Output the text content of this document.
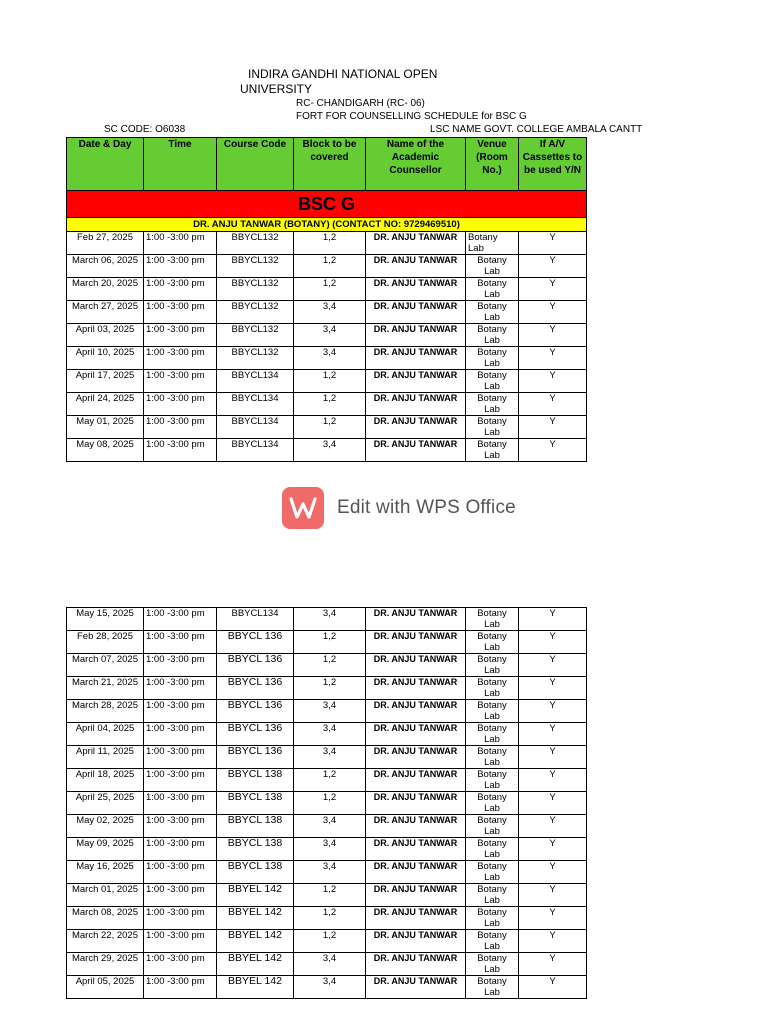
INDIRA GANDHI NATIONAL OPEN
UNIVERSITY
RC- CHANDIGARH (RC- 06)
FORT FOR COUNSELLING SCHEDULE for BSC G
SC CODE: O6038	LSC NAME GOVT. COLLEGE AMBALA CANTT
Date & Day	Time	Course Code	Block to be covered	Name of the Academic Counsellor	Venue (Room No.)	If A/V Cassettes to be used Y/N
BSC G						
DR. ANJU TANWAR (BOTANY) (CONTACT NO: 9729469510)						
Feb 27, 2025	1:00 -3:00 pm	BBYCL132	1,2	DR. ANJU TANWAR	Botany Lab	Y
March 06, 2025	1:00 -3:00 pm	BBYCL132	1,2	DR. ANJU TANWAR	Botany Lab	Y
March 20, 2025	1:00 -3:00 pm	BBYCL132	1,2	DR. ANJU TANWAR	Botany Lab	Y
March 27, 2025	1:00 -3:00 pm	BBYCL132	3,4	DR. ANJU TANWAR	Botany Lab	Y
April 03, 2025	1:00 -3:00 pm	BBYCL132	3,4	DR. ANJU TANWAR	Botany Lab	Y
April 10, 2025	1:00 -3:00 pm	BBYCL132	3,4	DR. ANJU TANWAR	Botany Lab	Y
April 17, 2025	1:00 -3:00 pm	BBYCL134	1,2	DR. ANJU TANWAR	Botany Lab	Y
April 24, 2025	1:00 -3:00 pm	BBYCL134	1,2	DR. ANJU TANWAR	Botany Lab	Y
May 01, 2025	1:00 -3:00 pm	BBYCL134	1,2	DR. ANJU TANWAR	Botany Lab	Y
May 08, 2025	1:00 -3:00 pm	BBYCL134	3,4	DR. ANJU TANWAR	Botany Lab	Y
Edit with WPS Office
May 15, 2025	1:00 -3:00 pm	BBYCL134	3,4	DR. ANJU TANWAR	Botany Lab	Y
Feb 28, 2025	1:00 -3:00 pm	BBYCL 136	1,2	DR. ANJU TANWAR	Botany Lab	Y
March 07, 2025	1:00 -3:00 pm	BBYCL 136	1,2	DR. ANJU TANWAR	Botany Lab	Y
March 21, 2025	1:00 -3:00 pm	BBYCL 136	1,2	DR. ANJU TANWAR	Botany Lab	Y
March 28, 2025	1:00 -3:00 pm	BBYCL 136	3,4	DR. ANJU TANWAR	Botany Lab	Y
April 04, 2025	1:00 -3:00 pm	BBYCL 136	3,4	DR. ANJU TANWAR	Botany Lab	Y
April 11, 2025	1:00 -3:00 pm	BBYCL 136	3,4	DR. ANJU TANWAR	Botany Lab	Y
April 18, 2025	1:00 -3:00 pm	BBYCL 138	1,2	DR. ANJU TANWAR	Botany Lab	Y
April 25, 2025	1:00 -3:00 pm	BBYCL 138	1,2	DR. ANJU TANWAR	Botany Lab	Y
May 02, 2025	1:00 -3:00 pm	BBYCL 138	3,4	DR. ANJU TANWAR	Botany Lab	Y
May 09, 2025	1:00 -3:00 pm	BBYCL 138	3,4	DR. ANJU TANWAR	Botany Lab	Y
May 16, 2025	1:00 -3:00 pm	BBYCL 138	3,4	DR. ANJU TANWAR	Botany Lab	Y
March 01, 2025	1:00 -3:00 pm	BBYEL 142	1,2	DR. ANJU TANWAR	Botany Lab	Y
March 08, 2025	1:00 -3:00 pm	BBYEL 142	1,2	DR. ANJU TANWAR	Botany Lab	Y
March 22, 2025	1:00 -3:00 pm	BBYEL 142	1,2	DR. ANJU TANWAR	Botany Lab	Y
March 29, 2025	1:00 -3:00 pm	BBYEL 142	3,4	DR. ANJU TANWAR	Botany Lab	Y
April 05, 2025	1:00 -3:00 pm	BBYEL 142	3,4	DR. ANJU TANWAR	Botany Lab	Y
